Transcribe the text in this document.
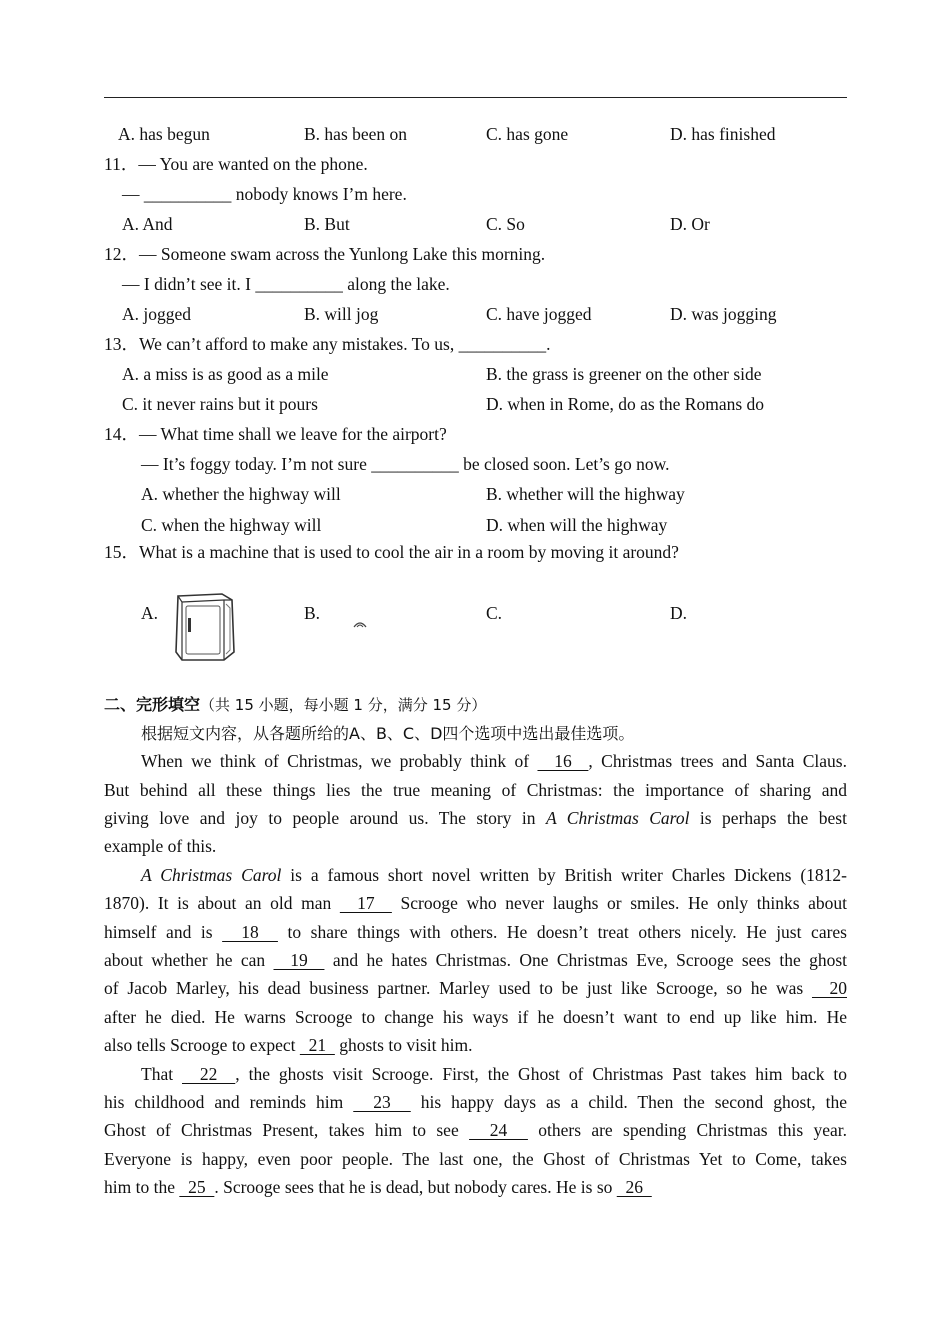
A. has begun	B. has been on	C. has gone	D. has finished
11．— You are wanted on the phone.
— __________ nobody knows I’m here.
A. And	B. But	C. So	D. Or
12．— Someone swam across the Yunlong Lake this morning.
— I didn’t see it. I __________ along the lake.
A. jogged	B. will jog	C. have jogged	D. was jogging
13．We can’t afford to make any mistakes. To us, __________.
A. a miss is as good as a mile	B. the grass is greener on the other side
C. it never rains but it pours	D. when in Rome, do as the Romans do
14．— What time shall we leave for the airport?
— It’s foggy today. I’m not sure __________ be closed soon. Let’s go now.
A. whether the highway will	B. whether will the highway
C. when the highway will	D. when will the highway
15．What is a machine that is used to cool the air in a room by moving it around?
A.	B.	C.	D.
二、完形填空（共 15 小题，每小题 1 分，满分 15 分）
根据短文内容，从各题所给的A、B、C、D四个选项中选出最佳选项。
When we think of Christmas, we probably think of   16  , Christmas trees and Santa Claus.
But behind all these things lies the true meaning of Christmas: the importance of sharing and
giving love and joy to people around us. The story in A Christmas Carol is perhaps the best
example of this.
A Christmas Carol is a famous short novel written by British writer Charles Dickens (1812-
1870). It is about an old man   17   Scrooge who never laughs or smiles. He only thinks about
himself and is   18   to share things with others. He doesn’t treat others nicely. He just cares
about whether he can   19   and he hates Christmas. One Christmas Eve, Scrooge sees the ghost
of Jacob Marley, his dead business partner. Marley used to be just like Scrooge, so he was   20
after he died. He warns Scrooge to change his ways if he doesn’t want to end up like him. He
also tells Scrooge to expect   21   ghosts to visit him.
That   22  , the ghosts visit Scrooge. First, the Ghost of Christmas Past takes him back to
his childhood and reminds him   23   his happy days as a child. Then the second ghost, the
Ghost of Christmas Present, takes him to see   24   others are spending Christmas this year.
Everyone is happy, even poor people. The last one, the Ghost of Christmas Yet to Come, takes
him to the   25  . Scrooge sees that he is dead, but nobody cares. He is so   26
